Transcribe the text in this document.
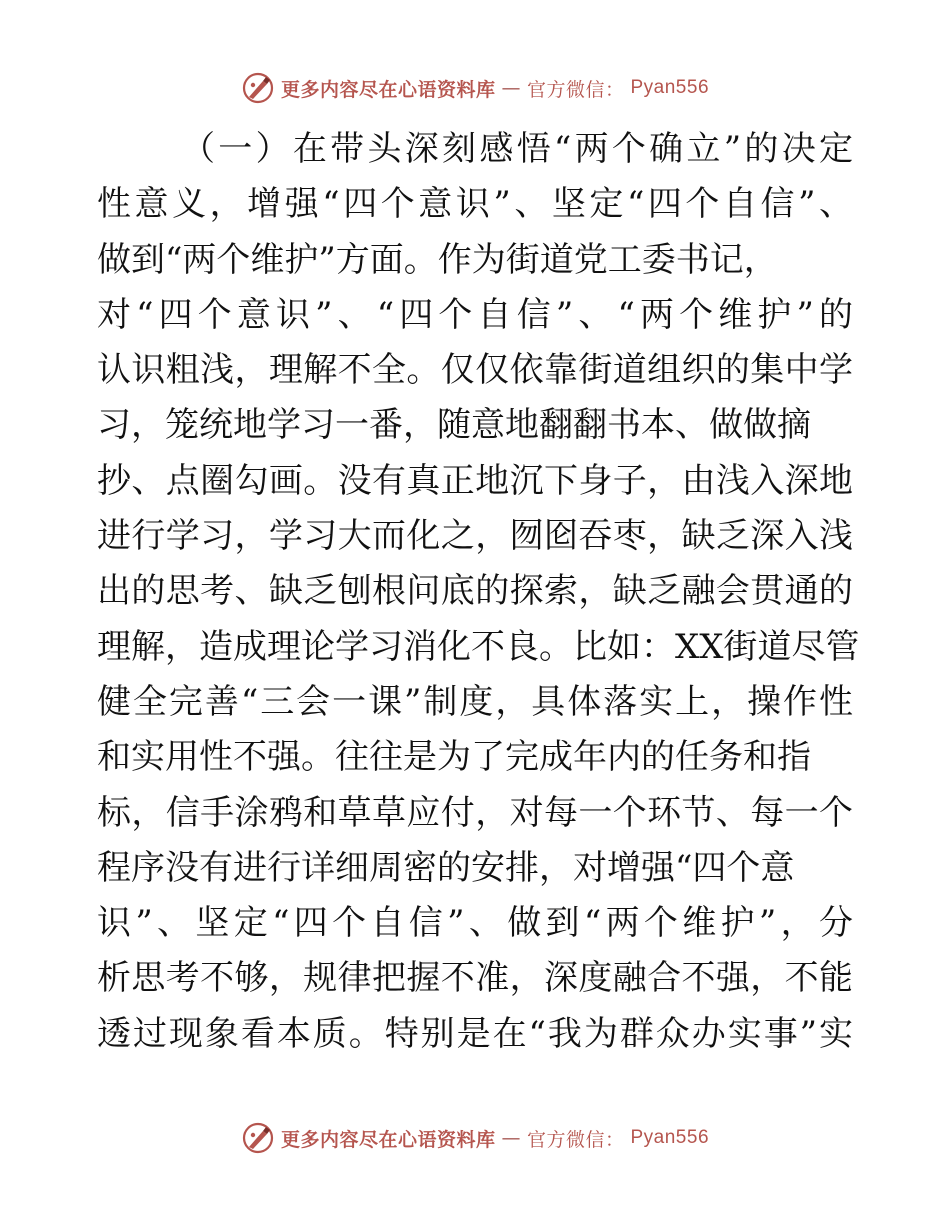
更多内容尽在心语资料库 — 官方微信： Pyan556
（一）在带头深刻感悟“两个确立”的决定
性意义，增强“四个意识”、坚定“四个自信”、
做到“两个维护”方面。作为街道党工委书记，
对“四个意识”、“四个自信”、“两个维护”的
认识粗浅，理解不全。仅仅依靠街道组织的集中学
习，笼统地学习一番，随意地翻翻书本、做做摘
抄、点圈勾画。没有真正地沉下身子，由浅入深地
进行学习，学习大而化之，囫囵吞枣，缺乏深入浅
出的思考、缺乏刨根问底的探索，缺乏融会贯通的
理解，造成理论学习消化不良。比如：XX街道尽管
健全完善“三会一课”制度，具体落实上，操作性
和实用性不强。往往是为了完成年内的任务和指
标，信手涂鸦和草草应付，对每一个环节、每一个
程序没有进行详细周密的安排，对增强“四个意
识”、坚定“四个自信”、做到“两个维护”，分
析思考不够，规律把握不准，深度融合不强，不能
透过现象看本质。特别是在“我为群众办实事”实
更多内容尽在心语资料库 — 官方微信： Pyan556
